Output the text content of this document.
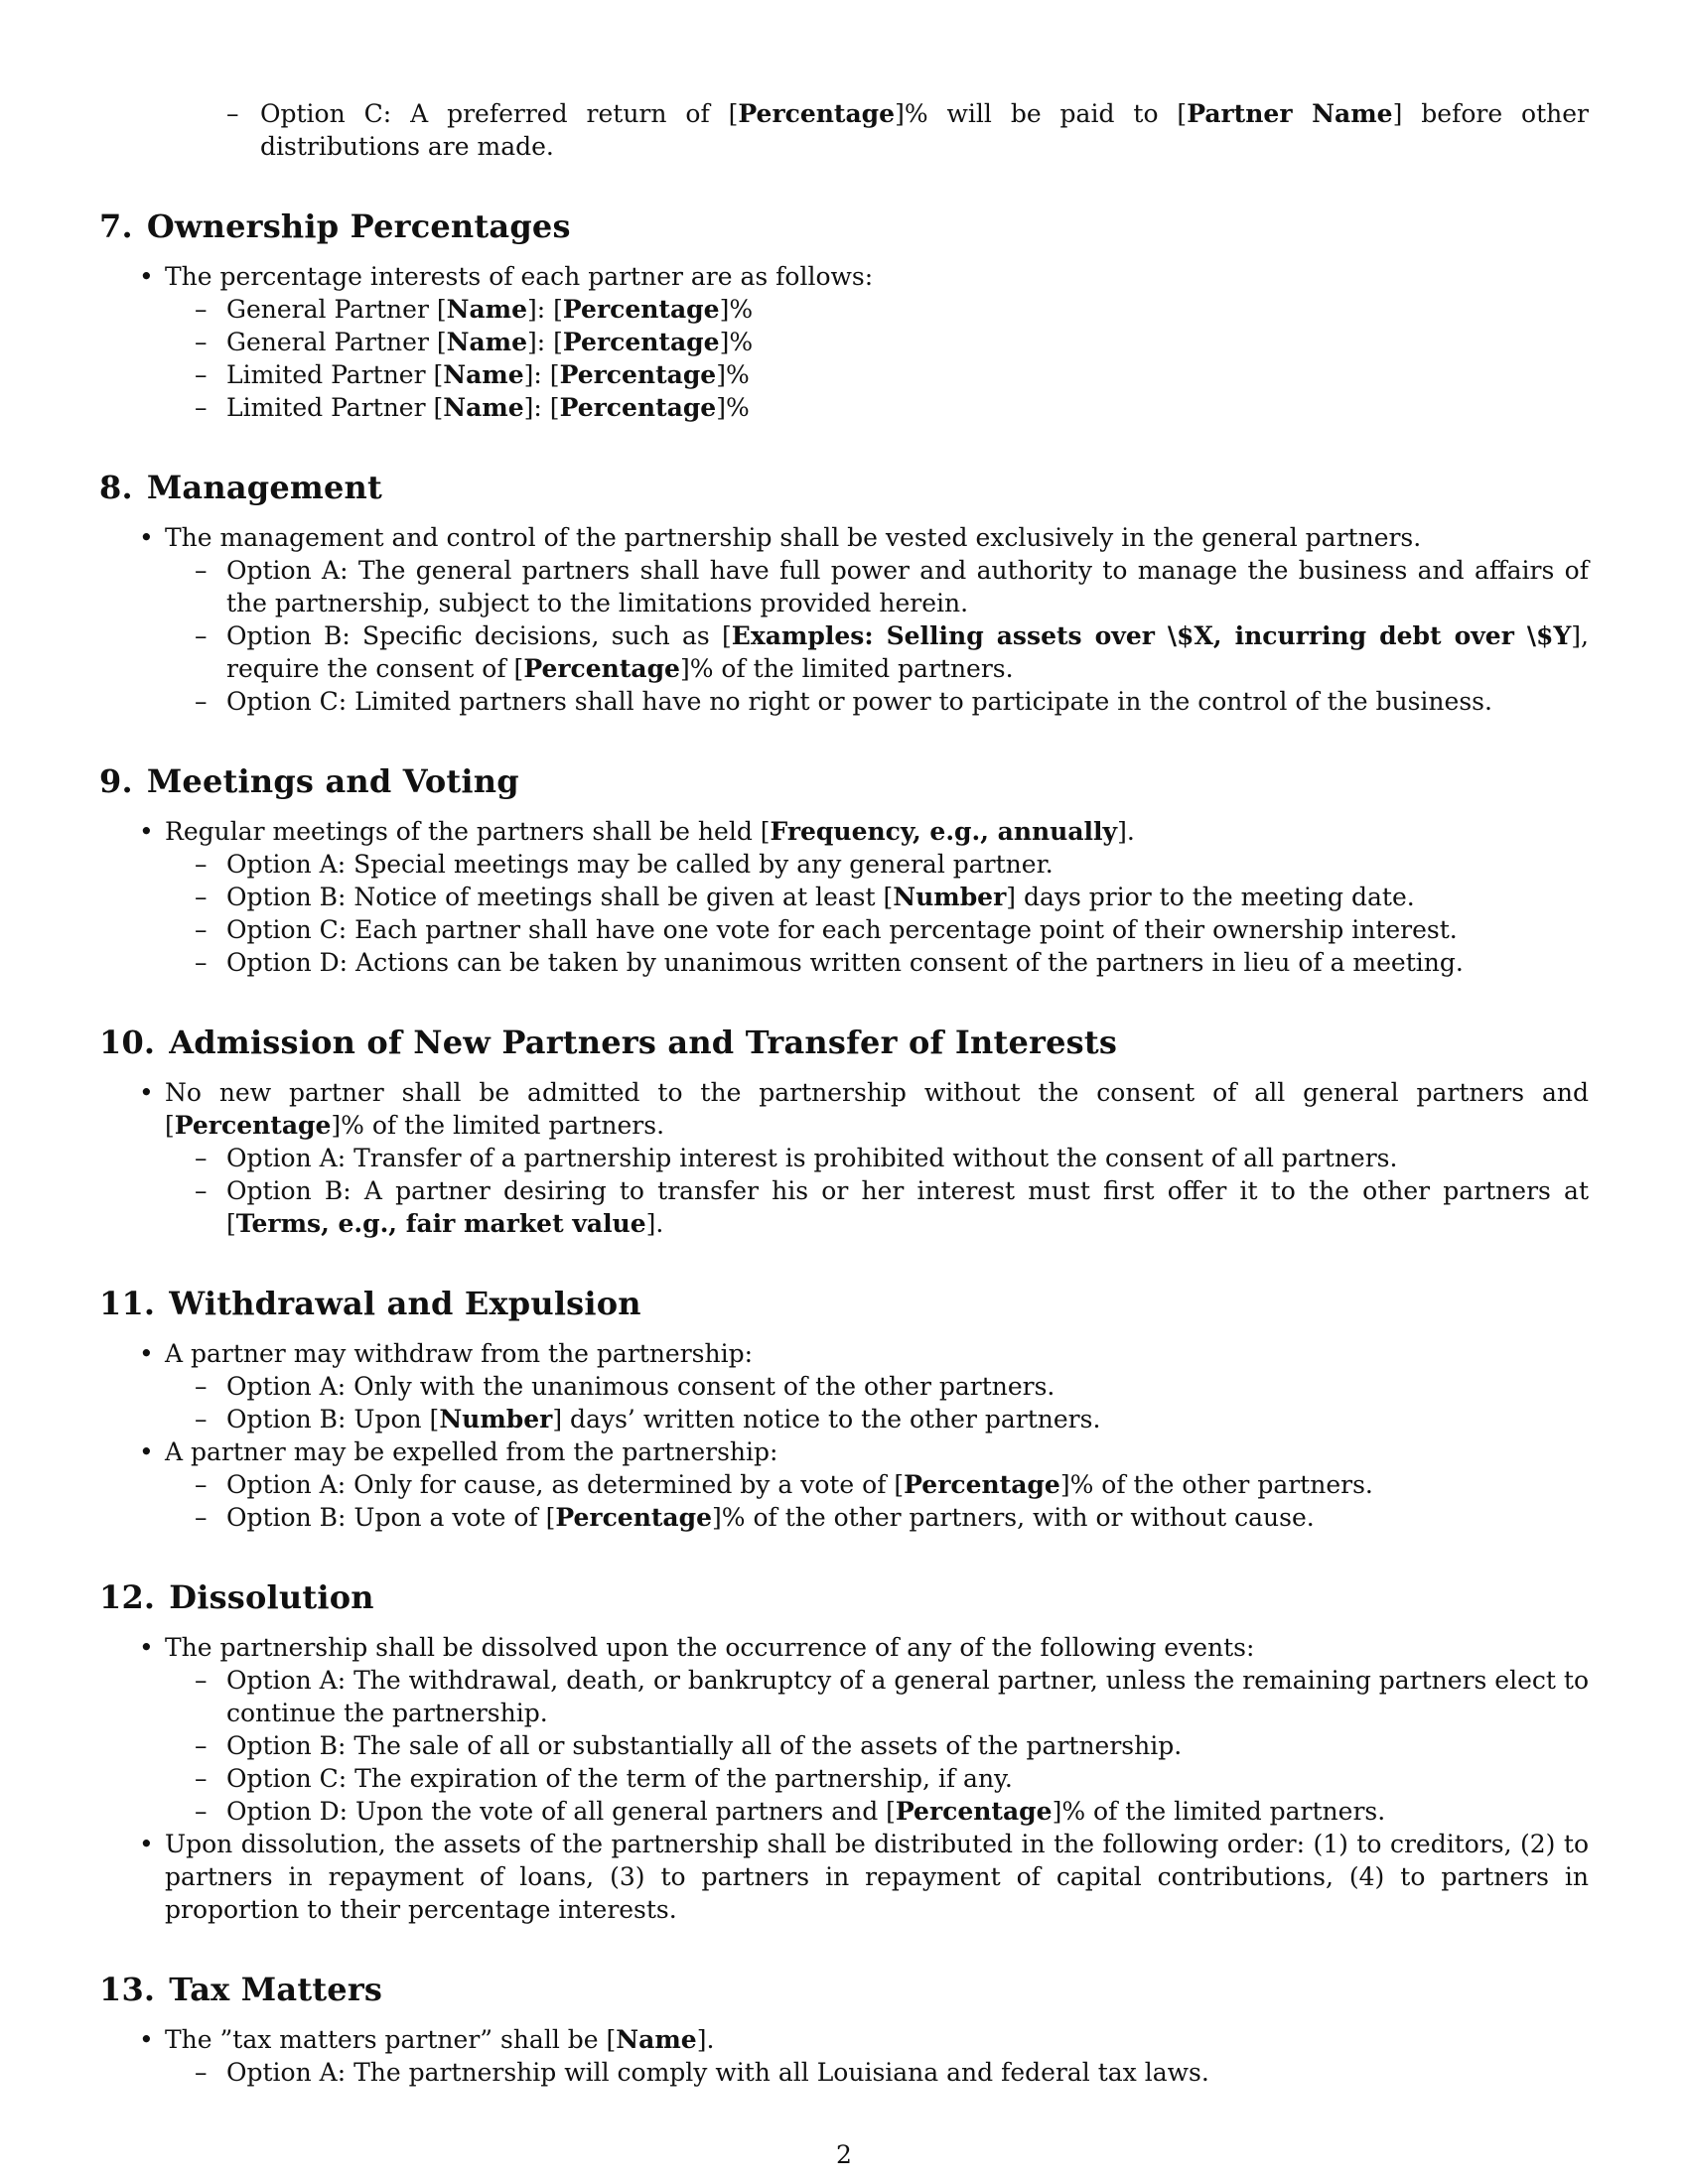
– Option C: A preferred return of [Percentage]% will be paid to [Partner Name] before other distributions are made.
7. Ownership Percentages
• The percentage interests of each partner are as follows:
– General Partner [Name]: [Percentage]%
– General Partner [Name]: [Percentage]%
– Limited Partner [Name]: [Percentage]%
– Limited Partner [Name]: [Percentage]%
8. Management
• The management and control of the partnership shall be vested exclusively in the general partners.
– Option A: The general partners shall have full power and authority to manage the business and affairs of the partnership, subject to the limitations provided herein.
– Option B: Specific decisions, such as [Examples: Selling assets over \$X, incurring debt over \$Y], require the consent of [Percentage]% of the limited partners.
– Option C: Limited partners shall have no right or power to participate in the control of the business.
9. Meetings and Voting
• Regular meetings of the partners shall be held [Frequency, e.g., annually].
– Option A: Special meetings may be called by any general partner.
– Option B: Notice of meetings shall be given at least [Number] days prior to the meeting date.
– Option C: Each partner shall have one vote for each percentage point of their ownership interest.
– Option D: Actions can be taken by unanimous written consent of the partners in lieu of a meeting.
10. Admission of New Partners and Transfer of Interests
• No new partner shall be admitted to the partnership without the consent of all general partners and [Percentage]% of the limited partners.
– Option A: Transfer of a partnership interest is prohibited without the consent of all partners.
– Option B: A partner desiring to transfer his or her interest must first offer it to the other partners at [Terms, e.g., fair market value].
11. Withdrawal and Expulsion
• A partner may withdraw from the partnership:
– Option A: Only with the unanimous consent of the other partners.
– Option B: Upon [Number] days’ written notice to the other partners.
• A partner may be expelled from the partnership:
– Option A: Only for cause, as determined by a vote of [Percentage]% of the other partners.
– Option B: Upon a vote of [Percentage]% of the other partners, with or without cause.
12. Dissolution
• The partnership shall be dissolved upon the occurrence of any of the following events:
– Option A: The withdrawal, death, or bankruptcy of a general partner, unless the remaining partners elect to continue the partnership.
– Option B: The sale of all or substantially all of the assets of the partnership.
– Option C: The expiration of the term of the partnership, if any.
– Option D: Upon the vote of all general partners and [Percentage]% of the limited partners.
• Upon dissolution, the assets of the partnership shall be distributed in the following order: (1) to creditors, (2) to partners in repayment of loans, (3) to partners in repayment of capital contributions, (4) to partners in proportion to their percentage interests.
13. Tax Matters
• The ”tax matters partner” shall be [Name].
– Option A: The partnership will comply with all Louisiana and federal tax laws.
2
